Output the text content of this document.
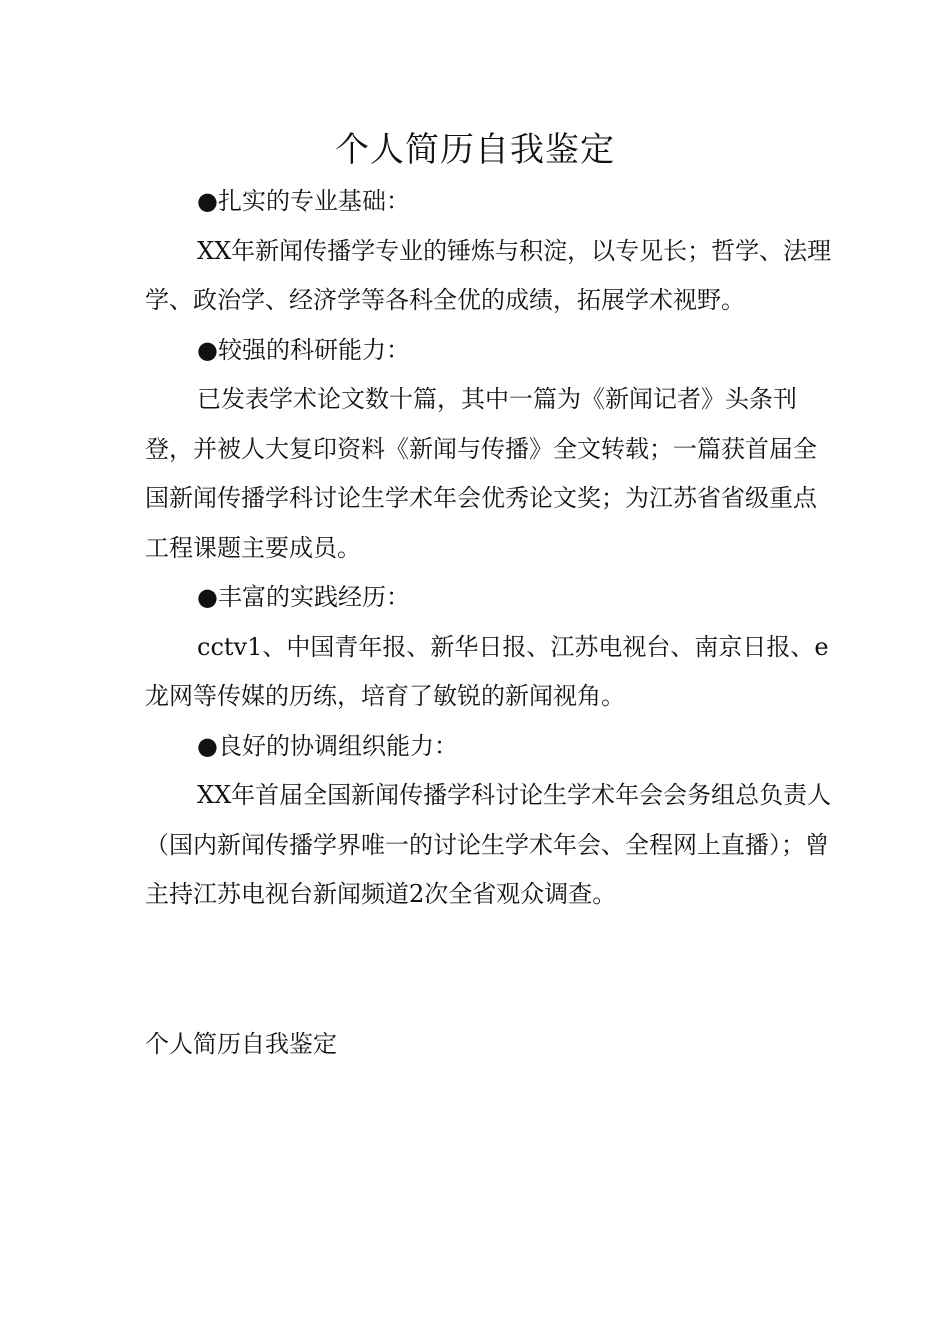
个人简历自我鉴定

●扎实的专业基础：

XX年新闻传播学专业的锤炼与积淀，以专见长；哲学、法理学、政治学、经济学等各科全优的成绩，拓展学术视野。

●较强的科研能力：

已发表学术论文数十篇，其中一篇为《新闻记者》头条刊登，并被人大复印资料《新闻与传播》全文转载；一篇获首届全国新闻传播学科讨论生学术年会优秀论文奖；为江苏省省级重点工程课题主要成员。

●丰富的实践经历：

cctv1、中国青年报、新华日报、江苏电视台、南京日报、e龙网等传媒的历练，培育了敏锐的新闻视角。

●良好的协调组织能力：

XX年首届全国新闻传播学科讨论生学术年会会务组总负责人（国内新闻传播学界唯一的讨论生学术年会、全程网上直播）；曾主持江苏电视台新闻频道2次全省观众调查。

个人简历自我鉴定
